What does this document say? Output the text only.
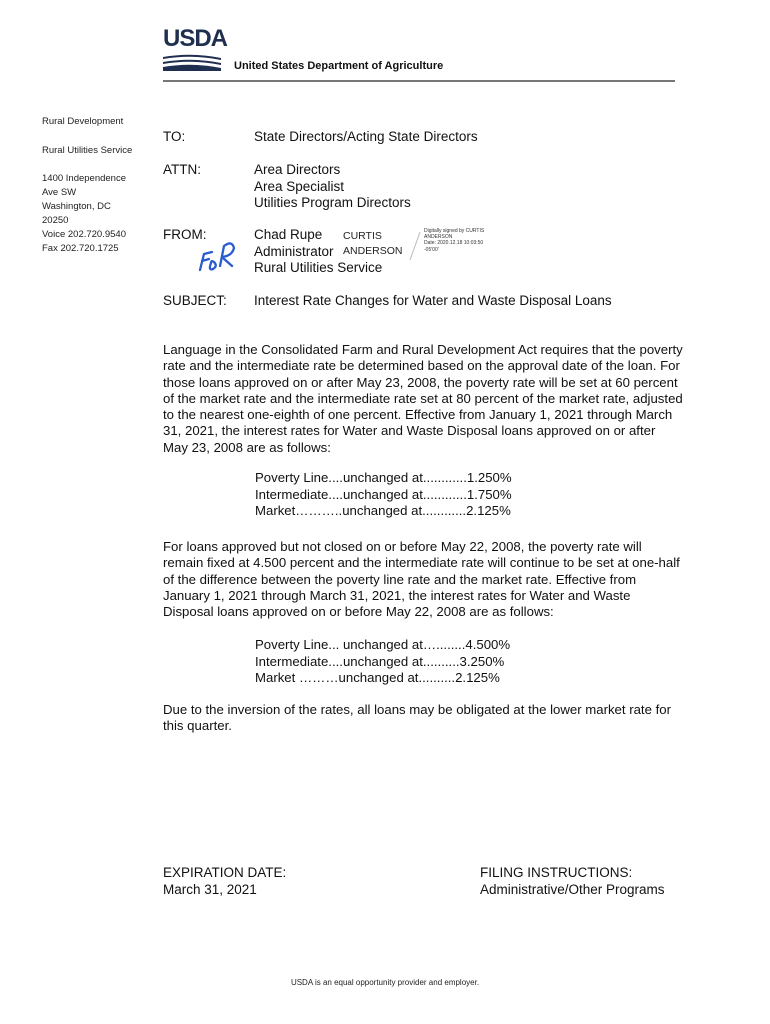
USDA
United States Department of Agriculture
Rural Development
Rural Utilities Service
1400 Independence
Ave SW
Washington, DC
20250
Voice 202.720.9540
Fax 202.720.1725
TO:	State Directors/Acting State Directors
ATTN:	Area Directors
Area Specialist
Utilities Program Directors
FROM:	Chad Rupe
Administrator
Rural Utilities Service
CURTIS
ANDERSON
Digitally signed by CURTIS
ANDERSON
Date: 2020.12.18 10:03:50
-05'00'
SUBJECT: Interest Rate Changes for Water and Waste Disposal Loans
Language in the Consolidated Farm and Rural Development Act requires that the poverty rate and the intermediate rate be determined based on the approval date of the loan. For those loans approved on or after May 23, 2008, the poverty rate will be set at 60 percent of the market rate and the intermediate rate set at 80 percent of the market rate, adjusted to the nearest one-eighth of one percent. Effective from January 1, 2021 through March 31, 2021, the interest rates for Water and Waste Disposal loans approved on or after May 23, 2008 are as follows:
Poverty Line....unchanged at............1.250%
Intermediate....unchanged at............1.750%
Market………..unchanged at............2.125%
For loans approved but not closed on or before May 22, 2008, the poverty rate will remain fixed at 4.500 percent and the intermediate rate will continue to be set at one-half of the difference between the poverty line rate and the market rate. Effective from January 1, 2021 through March 31, 2021, the interest rates for Water and Waste Disposal loans approved on or before May 22, 2008 are as follows:
Poverty Line... unchanged at…........4.500%
Intermediate....unchanged at..........3.250%
Market ………unchanged at..........2.125%
Due to the inversion of the rates, all loans may be obligated at the lower market rate for this quarter.
EXPIRATION DATE:
March 31, 2021
FILING INSTRUCTIONS:
Administrative/Other Programs
USDA is an equal opportunity provider and employer.
